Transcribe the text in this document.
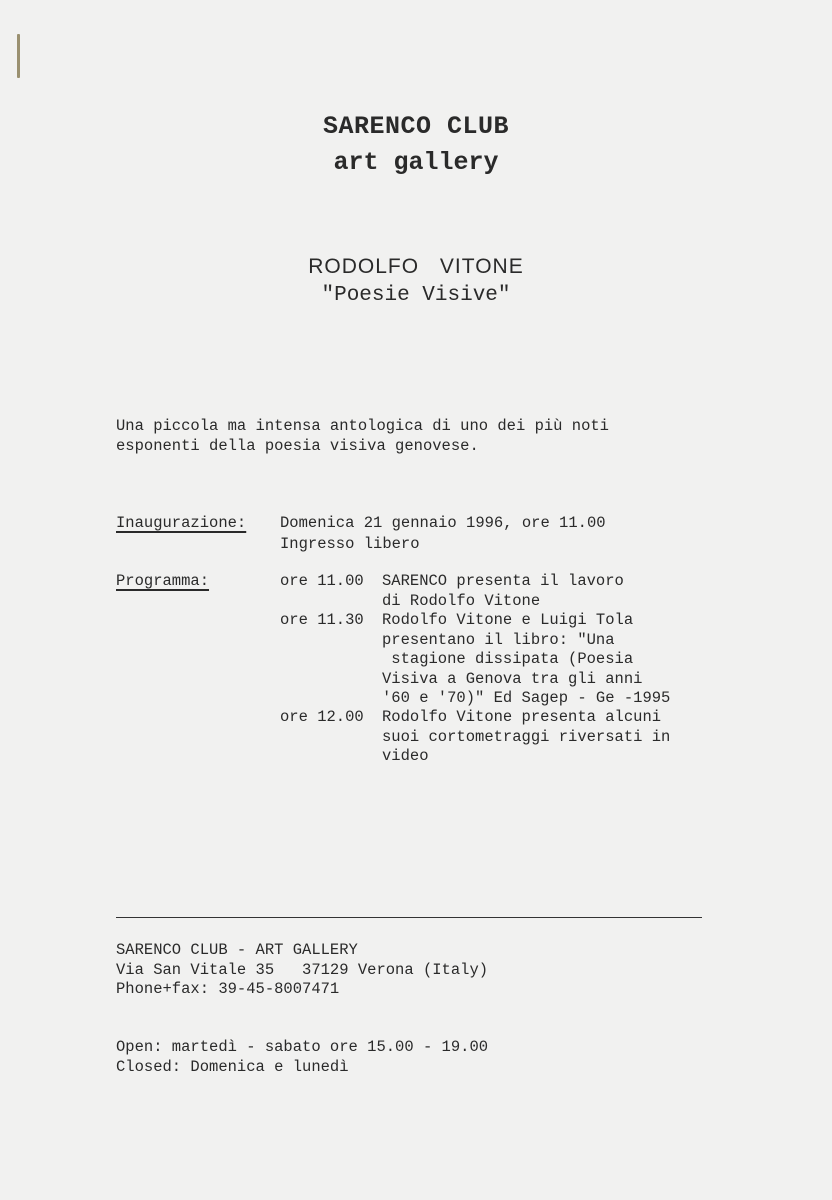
SARENCO CLUB
art gallery
RODOLFO VITONE
"Poesie Visive"
Una piccola ma intensa antologica di uno dei più noti
esponenti della poesia visiva genovese.
Inaugurazione: Domenica 21 gennaio 1996, ore 11.00
Ingresso libero
Programma:	ore 11.00 SARENCO presenta il lavoro
di Rodolfo Vitone
ore 11.30 Rodolfo Vitone e Luigi Tola
presentano il libro: "Una
stagione dissipata (Poesia
Visiva a Genova tra gli anni
'60 e '70)" Ed Sagep - Ge -1995
ore 12.00 Rodolfo Vitone presenta alcuni
suoi cortometraggi riversati in
video
SARENCO CLUB - ART GALLERY
Via San Vitale 35   37129 Verona (Italy)
Phone+fax: 39-45-8007471
Open: martedì - sabato ore 15.00 - 19.00
Closed: Domenica e lunedì
